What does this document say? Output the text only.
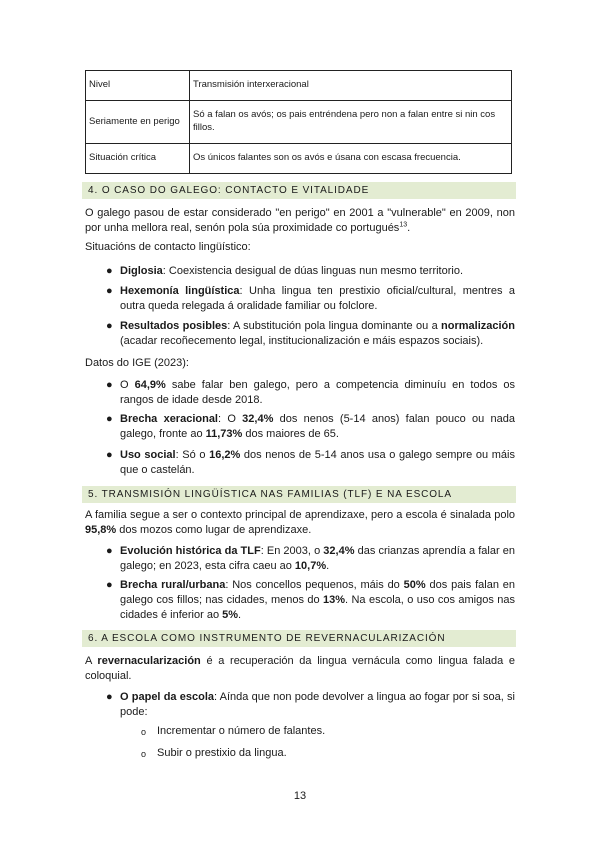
Nivel	Transmisión interxeracional
Seriamente en perigo	Só a falan os avós; os pais entréndena pero non a falan entre si nin cos fillos.
Situación crítica	Os únicos falantes son os avós e úsana con escasa frecuencia.
4. O CASO DO GALEGO: CONTACTO E VITALIDADE
O galego pasou de estar considerado "en perigo" en 2001 a "vulnerable" en 2009, non por unha mellora real, senón pola súa proximidade co portugués$^{13}$.
Situacións de contacto lingüístico:
● Diglosia: Coexistencia desigual de dúas linguas nun mesmo territorio.
● Hexemonía lingüística: Unha lingua ten prestixio oficial/cultural, mentres a outra queda relegada á oralidade familiar ou folclore.
● Resultados posibles: A substitución pola lingua dominante ou a normalización (acadar recoñecemento legal, institucionalización e máis espazos sociais).
Datos do IGE (2023):
● O 64,9% sabe falar ben galego, pero a competencia diminuíu en todos os rangos de idade desde 2018.
● Brecha xeracional: O 32,4% dos nenos (5-14 anos) falan pouco ou nada galego, fronte ao 11,73% dos maiores de 65.
● Uso social: Só o 16,2% dos nenos de 5-14 anos usa o galego sempre ou máis que o castelán.
5. TRANSMISIÓN LINGÜÍSTICA NAS FAMILIAS (TLF) E NA ESCOLA
A familia segue a ser o contexto principal de aprendizaxe, pero a escola é sinalada polo 95,8% dos mozos como lugar de aprendizaxe.
● Evolución histórica da TLF: En 2003, o 32,4% das crianzas aprendía a falar en galego; en 2023, esta cifra caeu ao 10,7%.
● Brecha rural/urbana: Nos concellos pequenos, máis do 50% dos pais falan en galego cos fillos; nas cidades, menos do 13%. Na escola, o uso cos amigos nas cidades é inferior ao 5%.
6. A ESCOLA COMO INSTRUMENTO DE REVERNACULARIZACIÓN
A revernacularización é a recuperación da lingua vernácula como lingua falada e coloquial.
● O papel da escola: Aínda que non pode devolver a lingua ao fogar por si soa, si pode:
o Incrementar o número de falantes.
o Subir o prestixio da lingua.
13
